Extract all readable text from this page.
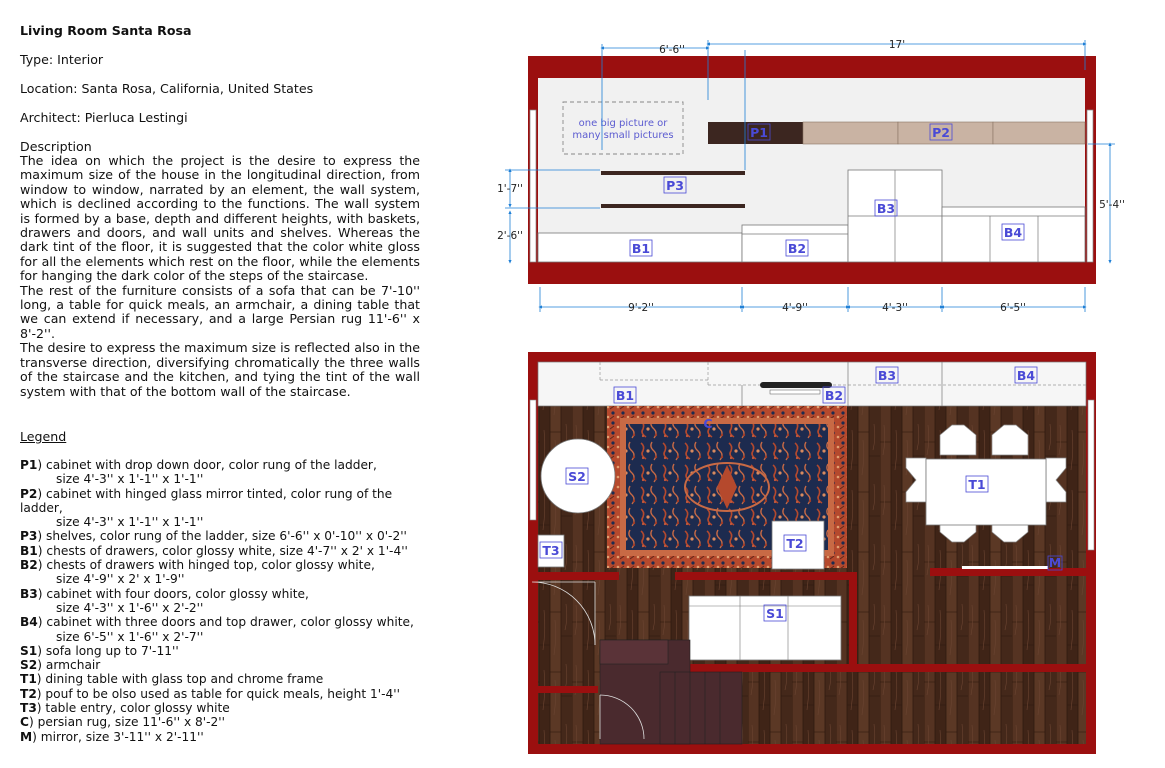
Living Room Santa Rosa
Type: Interior
Location: Santa Rosa, California, United States
Architect: Pierluca Lestingi
Description

The idea on which the project is the desire to express the maximum size of the house in the longitudinal direction, from window to window, narrated by an element, the wall system, which is declined according to the functions. The wall system is formed by a base, depth and different heights, with baskets, drawers and doors, and wall units and shelves. Whereas the dark tint of the floor, it is suggested that the color white gloss for all the elements which rest on the floor, while the elements for hanging the dark color of the steps of the staircase.

The rest of the furniture consists of a sofa that can be 7'-10'' long, a table for quick meals, an armchair, a dining table that we can extend if necessary, and a large Persian rug 11'-6'' x 8'-2''.

The desire to express the maximum size is reflected also in the transverse direction, diversifying chromatically the three walls of the staircase and the kitchen, and tying the tint of the wall system with that of the bottom wall of the staircase.

Legend
P1) cabinet with drop down door, color rung of the ladder,
size 4'-3'' x 1'-1'' x 1'-1''
P2) cabinet with hinged glass mirror tinted, color rung of the ladder,
size 4'-3'' x 1'-1'' x 1'-1''
P3) shelves, color rung of the ladder, size 6'-6'' x 0'-10'' x 0'-2''
B1) chests of drawers, color glossy white, size 4'-7'' x 2' x 1'-4''
B2) chests of drawers with hinged top, color glossy white,
size 4'-9'' x 2' x 1'-9''
B3) cabinet with four doors, color glossy white,
size 4'-3'' x 1'-6'' x 2'-2''
B4) cabinet with three doors and top drawer, color glossy white,
size 6'-5'' x 1'-6'' x 2'-7''
S1) sofa long up to 7'-11''
S2) armchair
T1) dining table with glass top and chrome frame
T2) pouf to be olso used as table for quick meals, height 1'-4''
T3) table entry, color glossy white
C) persian rug, size 11'-6'' x 8'-2''
M) mirror, size 3'-11'' x 2'-11''
one big picture or
many small pictures	P1	P2
P3
B1	B2
B3
B4
6'-6''	17'
1'-7''
2'-6''
5'-4''
9'-2''	4'-9''	4'-3''	6'-5''
C
B1	B2
B3	B4
S2
T2
T3
S1
T1
M
